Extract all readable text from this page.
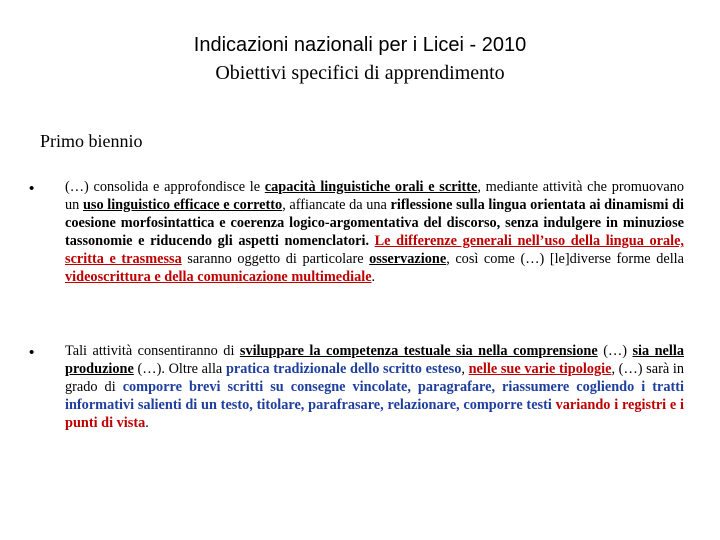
Indicazioni nazionali per i Licei - 2010
Obiettivi specifici di apprendimento
Primo biennio
• (…) consolida e approfondisce le capacità linguistiche orali e scritte, mediante attività che promuovano un uso linguistico efficace e corretto, affiancate da una riflessione sulla lingua orientata ai dinamismi di coesione morfosintattica e coerenza logico-argomentativa del discorso, senza indulgere in minuziose tassonomie e riducendo gli aspetti nomenclatori. Le differenze generali nell’uso della lingua orale, scritta e trasmessa saranno oggetto di particolare osservazione, così come (…) [le]diverse forme della videoscrittura e della comunicazione multimediale.
• Tali attività consentiranno di sviluppare la competenza testuale sia nella comprensione (…) sia nella produzione (…). Oltre alla pratica tradizionale dello scritto esteso, nelle sue varie tipologie, (…) sarà in grado di comporre brevi scritti su consegne vincolate, paragrafare, riassumere cogliendo i tratti informativi salienti di un testo, titolare, parafrasare, relazionare, comporre testi variando i registri e i punti di vista.
